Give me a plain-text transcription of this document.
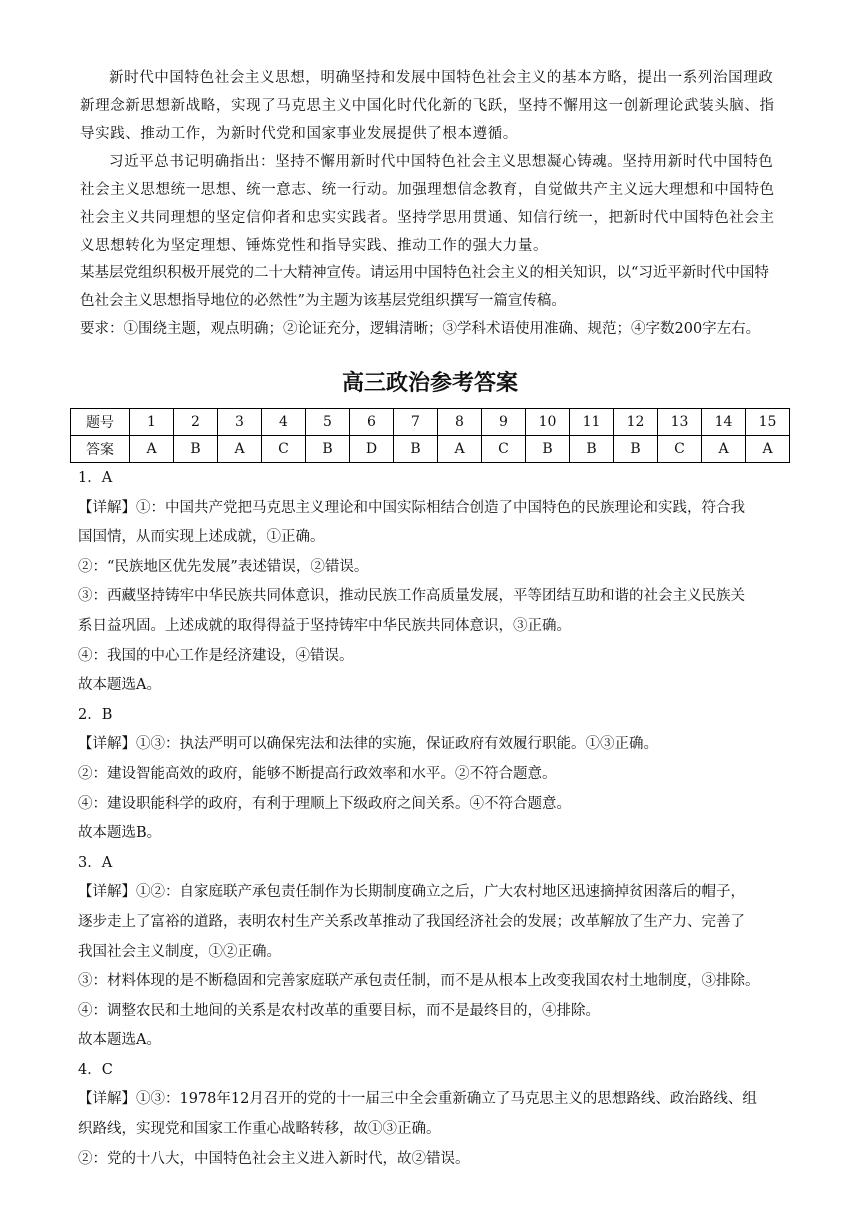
新时代中国特色社会主义思想，明确坚持和发展中国特色社会主义的基本方略，提出一系列治国理政新理念新思想新战略，实现了马克思主义中国化时代化新的飞跃，坚持不懈用这一创新理论武装头脑、指导实践、推动工作，为新时代党和国家事业发展提供了根本遵循。

习近平总书记明确指出：坚持不懈用新时代中国特色社会主义思想凝心铸魂。坚持用新时代中国特色社会主义思想统一思想、统一意志、统一行动。加强理想信念教育，自觉做共产主义远大理想和中国特色社会主义共同理想的坚定信仰者和忠实实践者。坚持学思用贯通、知信行统一，把新时代中国特色社会主义思想转化为坚定理想、锤炼党性和指导实践、推动工作的强大力量。

某基层党组织积极开展党的二十大精神宣传。请运用中国特色社会主义的相关知识，以“习近平新时代中国特色社会主义思想指导地位的必然性”为主题为该基层党组织撰写一篇宣传稿。

要求：①围绕主题，观点明确；②论证充分，逻辑清晰；③学科术语使用准确、规范；④字数200字左右。

高三政治参考答案
题号	1	2	3	4	5	6	7	8	9	10	11	12	13	14	15
答案	A	B	A	C	B	D	B	A	C	B	B	B	C	A	A
1．A
【详解】①：中国共产党把马克思主义理论和中国实际相结合创造了中国特色的民族理论和实践，符合我
国国情，从而实现上述成就，①正确。
②：“民族地区优先发展”表述错误，②错误。
③：西藏坚持铸牢中华民族共同体意识，推动民族工作高质量发展，平等团结互助和谐的社会主义民族关
系日益巩固。上述成就的取得得益于坚持铸牢中华民族共同体意识，③正确。
④：我国的中心工作是经济建设，④错误。
故本题选A。
2．B
【详解】①③：执法严明可以确保宪法和法律的实施，保证政府有效履行职能。①③正确。
②：建设智能高效的政府，能够不断提高行政效率和水平。②不符合题意。
④：建设职能科学的政府，有利于理顺上下级政府之间关系。④不符合题意。
故本题选B。
3．A
【详解】①②：自家庭联产承包责任制作为长期制度确立之后，广大农村地区迅速摘掉贫困落后的帽子，
逐步走上了富裕的道路，表明农村生产关系改革推动了我国经济社会的发展；改革解放了生产力、完善了
我国社会主义制度，①②正确。
③：材料体现的是不断稳固和完善家庭联产承包责任制，而不是从根本上改变我国农村土地制度，③排除。
④：调整农民和土地间的关系是农村改革的重要目标，而不是最终目的，④排除。
故本题选A。
4．C
【详解】①③：1978年12月召开的党的十一届三中全会重新确立了马克思主义的思想路线、政治路线、组
织路线，实现党和国家工作重心战略转移，故①③正确。
②：党的十八大，中国特色社会主义进入新时代，故②错误。
